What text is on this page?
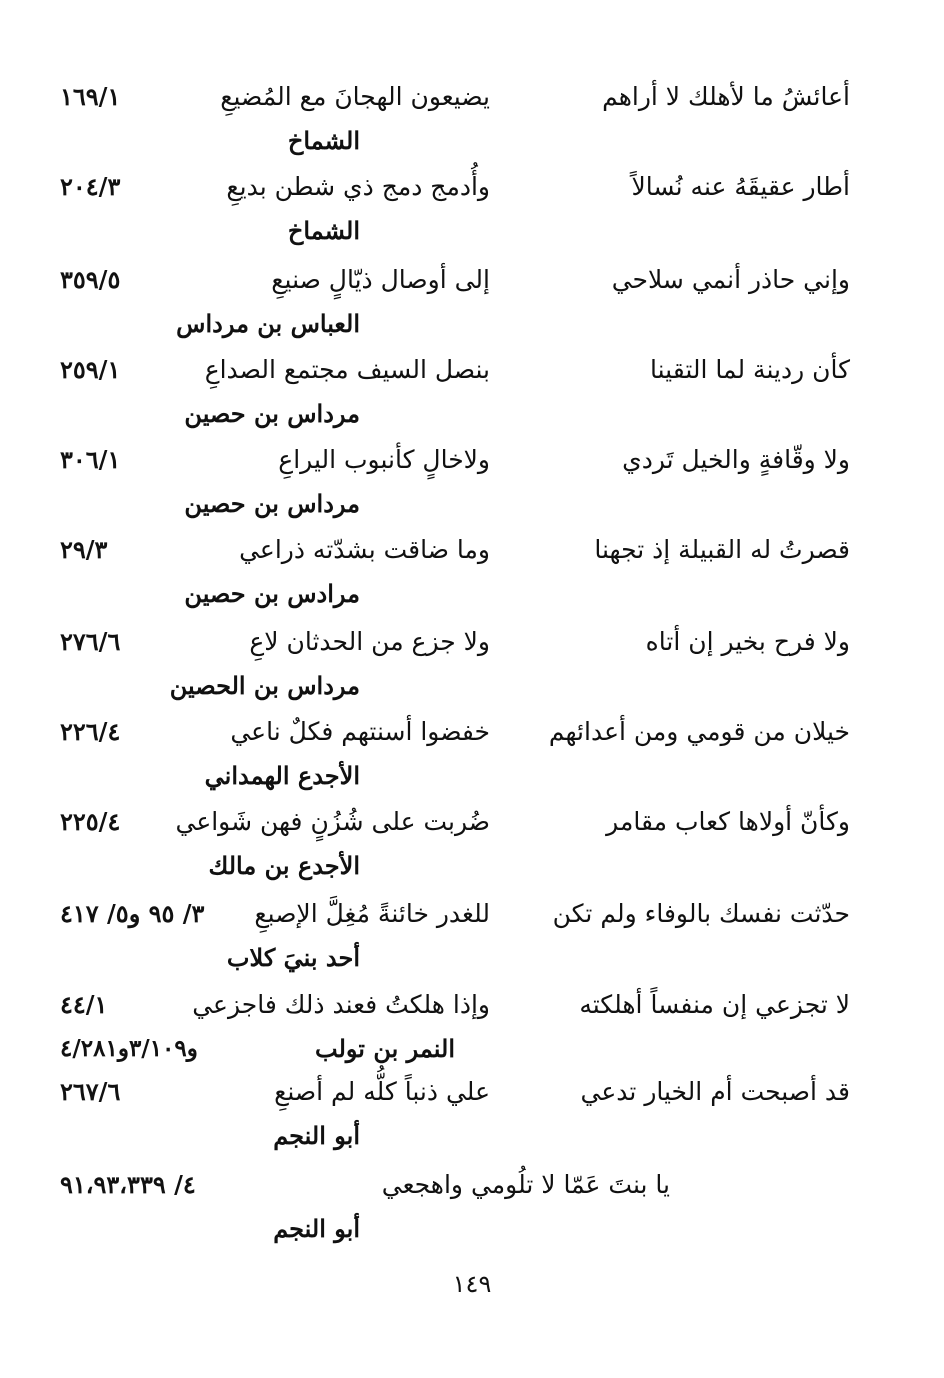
أعائشُ ما لأهلك لا أراهم
يضيعون الهجانَ مع المُضيعِ
١٦٩/١
الشماخ
أطار عقيقَهُ عنه نُسالاً
وأُدمج دمج ذي شطن بديعِ
٢٠٤/٣
الشماخ
وإني حاذر أنمي سلاحي
إلى أوصال ذيّالٍ صنيعِ
٣٥٩/٥
العباس بن مرداس
كأن ردينة لما التقينا
بنصل السيف مجتمع الصداعِ
٢٥٩/١
مرداس بن حصين
ولا وقّافةٍ والخيل تَردي
ولاخالٍ كأنبوب اليراعِ
٣٠٦/١
مرداس بن حصين
قصرتُ له القبيلة إذ تجهنا
وما ضاقت بشدّته ذراعي
٢٩/٣
مرادس بن حصين
ولا فرح بخير إن أتاه
ولا جزع من الحدثان لاعِ
٢٧٦/٦
مرداس بن الحصين
خيلان من قومي ومن أعدائهم
خفضوا أسنتهم فكلٌ ناعي
٢٢٦/٤
الأجدع الهمداني
وكأنّ أولاها كعاب مقامر
ضُربت على شُزُنٍ فهن شَواعي
٢٢٥/٤
الأجدع بن مالك
حدّثت نفسك بالوفاء ولم تكن
للغدر خائنةً مُغِلَّ الإصبعِ
٣/ ٩٥ و٥/ ٤١٧
أحد بنيَ كلاب
لا تجزعي إن منفساً أهلكته
وإذا هلكتُ فعند ذلك فاجزعي
٤٤/١
النمر بن تولب
و٣/١٠٩و٤/٢٨١
قد أصبحت أم الخيار تدعي
علي ذنباً كلُّه لم أصنعِ
٢٦٧/٦
أبو النجم
يا بنتَ عَمّا لا تلُومي واهجعي
٤/ ٩١،٩٣،٣٣٩
أبو النجم
١٤٩
